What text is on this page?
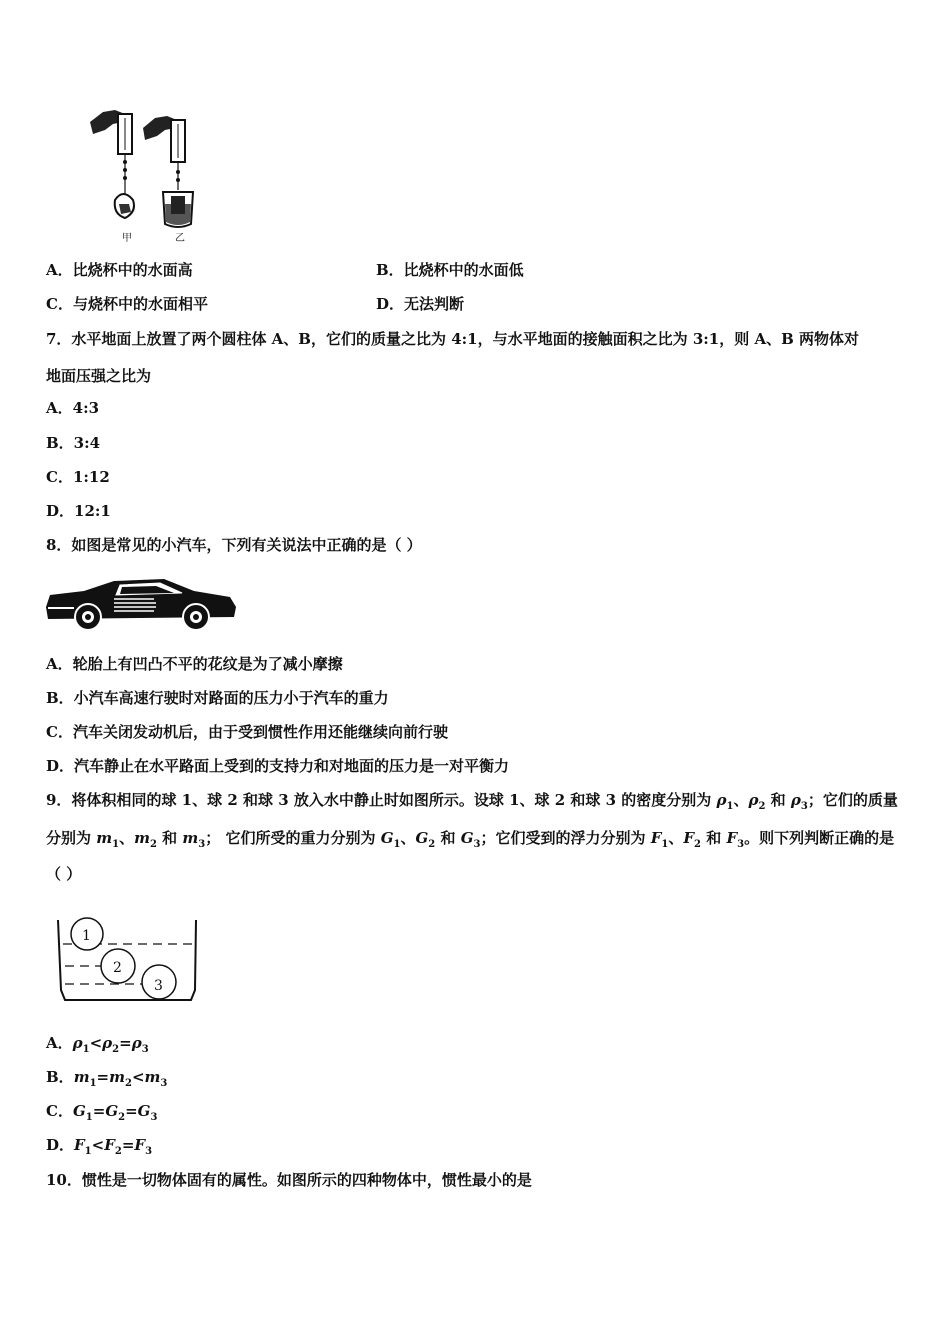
甲	乙
A．比烧杯中的水面高	B．比烧杯中的水面低
C．与烧杯中的水面相平	D．无法判断
7．水平地面上放置了两个圆柱体 A、B，它们的质量之比为 4:1，与水平地面的接触面积之比为 3:1，则 A、B 两物体对
地面压强之比为
A．4:3
B．3:4
C．1:12
D．12:1
8．如图是常见的小汽车，下列有关说法中正确的是（ ）
A．轮胎上有凹凸不平的花纹是为了减小摩擦
B．小汽车高速行驶时对路面的压力小于汽车的重力
C．汽车关闭发动机后，由于受到惯性作用还能继续向前行驶
D．汽车静止在水平路面上受到的支持力和对地面的压力是一对平衡力
9．将体积相同的球 1、球 2 和球 3 放入水中静止时如图所示。设球 1、球 2 和球 3 的密度分别为 $\rho_1$、$\rho_2$ 和 $\rho_3$；它们的质量
分别为 $m_1$、$m_2$ 和 $m_3$； 它们所受的重力分别为 $G_1$、$G_2$ 和 $G_3$；它们受到的浮力分别为 $F_1$、$F_2$ 和 $F_3$。则下列判断正确的是
（ ）
1
2
3
A．$\rho_1<\rho_2=\rho_3$
B．$m_1=m_2<m_3$
C．$G_1=G_2=G_3$
D．$F_1<F_2=F_3$
10．惯性是一切物体固有的属性。如图所示的四种物体中，惯性最小的是
